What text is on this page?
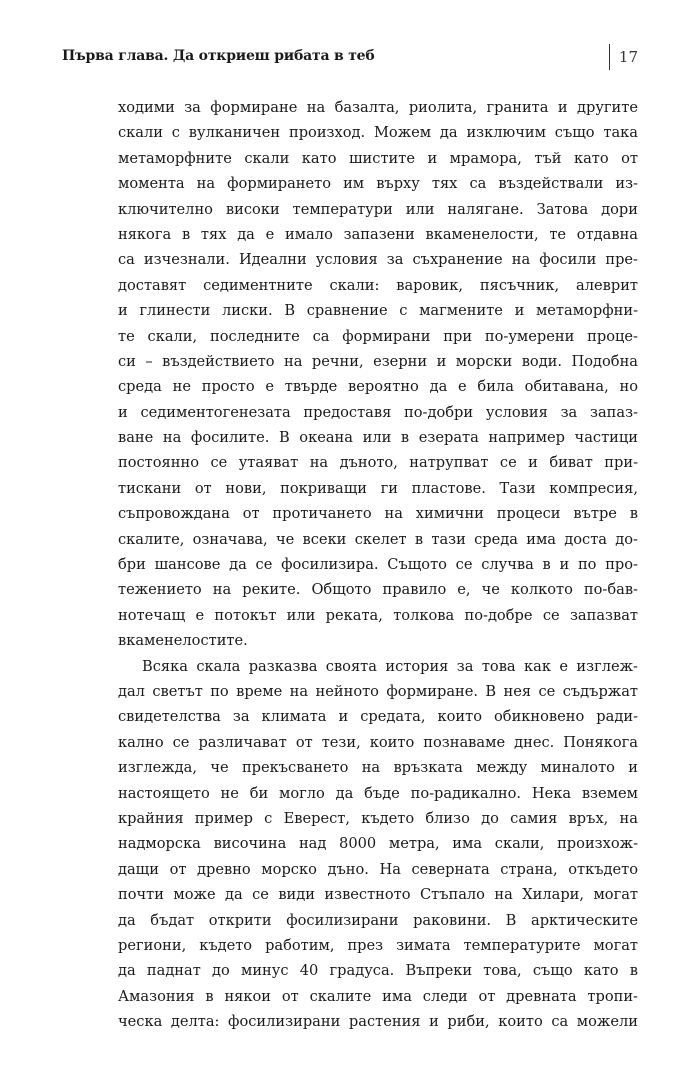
Първа глава. Да откриеш рибата в теб	17
ходими за формиране на базалта, риолита, гранита и другите
скали с вулканичен произход. Можем да изключим също така
метаморфните скали като шистите и мрамора, тъй като от
момента на формирането им върху тях са въздействали из-
ключително високи температури или налягане. Затова дори
някога в тях да е имало запазени вкаменелости, те отдавна
са изчезнали. Идеални условия за съхранение на фосили пре-
доставят седиментните скали: варовик, пясъчник, алеврит
и глинести лиски. В сравнение с магмените и метаморфни-
те скали, последните са формирани при по-умерени проце-
си – въздействието на речни, езерни и морски води. Подобна
среда не просто е твърде вероятно да е била обитавана, но
и седиментогенезата предоставя по-добри условия за запаз-
ване на фосилите. В океана или в езерата например частици
постоянно се утаяват на дъното, натрупват се и биват при-
тискани от нови, покриващи ги пластове. Тази компресия,
съпровождана от протичането на химични процеси вътре в
скалите, означава, че всеки скелет в тази среда има доста до-
бри шансове да се фосилизира. Същото се случва в и по про-
тежението на реките. Общото правило е, че колкото по-бав-
нотечащ е потокът или реката, толкова по-добре се запазват
вкаменелостите.
Всяка скала разказва своята история за това как е изглеж-
дал светът по време на нейното формиране. В нея се съдържат
свидетелства за климата и средата, които обикновено ради-
кално се различават от тези, които познаваме днес. Понякога
изглежда, че прекъсването на връзката между миналото и
настоящето не би могло да бъде по-радикално. Нека вземем
крайния пример с Еверест, където близо до самия връх, на
надморска височина над 8000 метра, има скали, произхож-
дащи от древно морско дъно. На северната страна, откъдето
почти може да се види известното Стъпало на Хилари, могат
да бъдат открити фосилизирани раковини. В арктическите
региони, където работим, през зимата температурите могат
да паднат до минус 40 градуса. Въпреки това, също като в
Амазония в някои от скалите има следи от древната тропи-
ческа делта: фосилизирани растения и риби, които са можели
